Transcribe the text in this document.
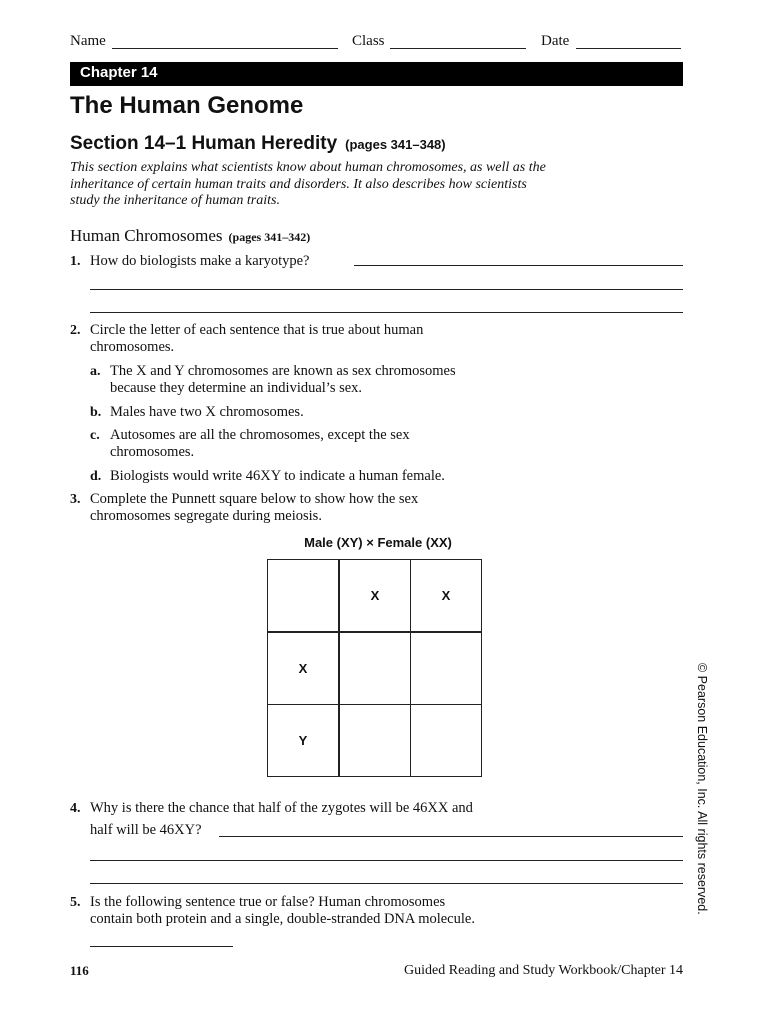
Name	Class	Date
Chapter 14
The Human Genome
Section 14–1 Human Heredity (pages 341–348)
This section explains what scientists know about human chromosomes, as well as the inheritance of certain human traits and disorders. It also describes how scientists study the inheritance of human traits.
Human Chromosomes (pages 341–342)
1. How do biologists make a karyotype?
2. Circle the letter of each sentence that is true about human
chromosomes.
a. The X and Y chromosomes are known as sex chromosomes
because they determine an individual’s sex.
b. Males have two X chromosomes.
c. Autosomes are all the chromosomes, except the sex
chromosomes.
d. Biologists would write 46XY to indicate a human female.
3. Complete the Punnett square below to show how the sex
chromosomes segregate during meiosis.
Male (XY) × Female (XX)
	X	X
X		
Y		
4. Why is there the chance that half of the zygotes will be 46XX and
half will be 46XY?
5. Is the following sentence true or false? Human chromosomes
contain both protein and a single, double-stranded DNA molecule.
© Pearson Education, Inc. All rights reserved.
116	Guided Reading and Study Workbook/Chapter 14
